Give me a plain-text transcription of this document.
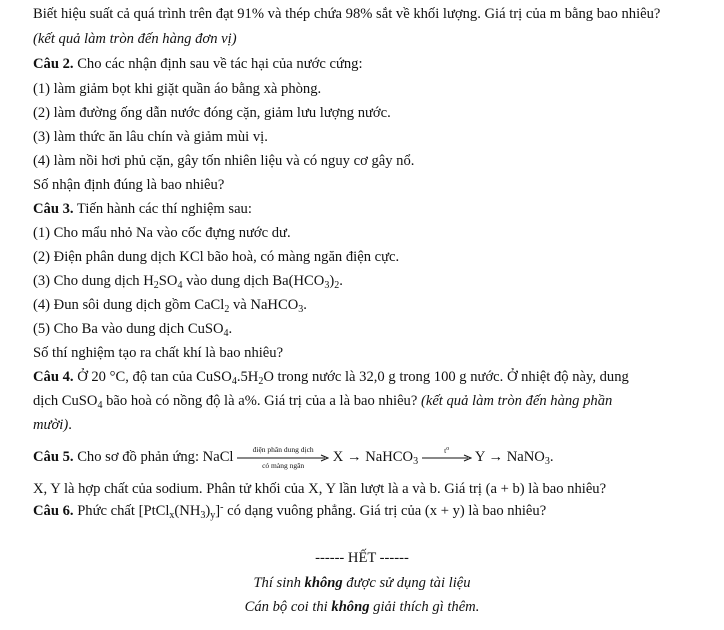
Biết hiệu suất cả quá trình trên đạt 91% và thép chứa 98% sắt về khối lượng. Giá trị của m bằng bao nhiêu?
(kết quả làm tròn đến hàng đơn vị)
Câu 2. Cho các nhận định sau về tác hại của nước cứng:
(1) làm giảm bọt khi giặt quần áo bằng xà phòng.
(2) làm đường ống dẫn nước đóng cặn, giảm lưu lượng nước.
(3) làm thức ăn lâu chín và giảm mùi vị.
(4) làm nồi hơi phủ cặn, gây tốn nhiên liệu và có nguy cơ gây nổ.
Số nhận định đúng là bao nhiêu?
Câu 3. Tiến hành các thí nghiệm sau:
(1) Cho mẩu nhỏ Na vào cốc đựng nước dư.
(2) Điện phân dung dịch KCl bão hoà, có màng ngăn điện cực.
(3) Cho dung dịch $H_2SO_4$ vào dung dịch $Ba(HCO_3)_2$.
(4) Đun sôi dung dịch gồm CaCl$_2$ và NaHCO$_3$.
(5) Cho Ba vào dung dịch CuSO$_4$.
Số thí nghiệm tạo ra chất khí là bao nhiêu?
Câu 4. Ở 20 °C, độ tan của $CuSO_4.5H_2O$ trong nước là 32,0 g trong 100 g nước. Ở nhiệt độ này, dung
dịch CuSO$_4$ bão hoà có nồng độ là a%. Giá trị của a là bao nhiêu? (kết quả làm tròn đến hàng phần
mười).
Câu 5. Cho sơ đồ phản ứng: NaCl	điện phân dung dịch
có màng ngăn
X → NaHCO$_3$
$t^o$
Y → NaNO$_3$.
X, Y là hợp chất của sodium. Phân tử khối của X, Y lần lượt là a và b. Giá trị (a + b) là bao nhiêu?
Câu 6. Phức chất $[PtCl_x(NH_3)_y]^-$ có dạng vuông phẳng. Giá trị của (x + y) là bao nhiêu?
------ HẾT ------
Thí sinh không được sử dụng tài liệu
Cán bộ coi thi không giải thích gì thêm.
